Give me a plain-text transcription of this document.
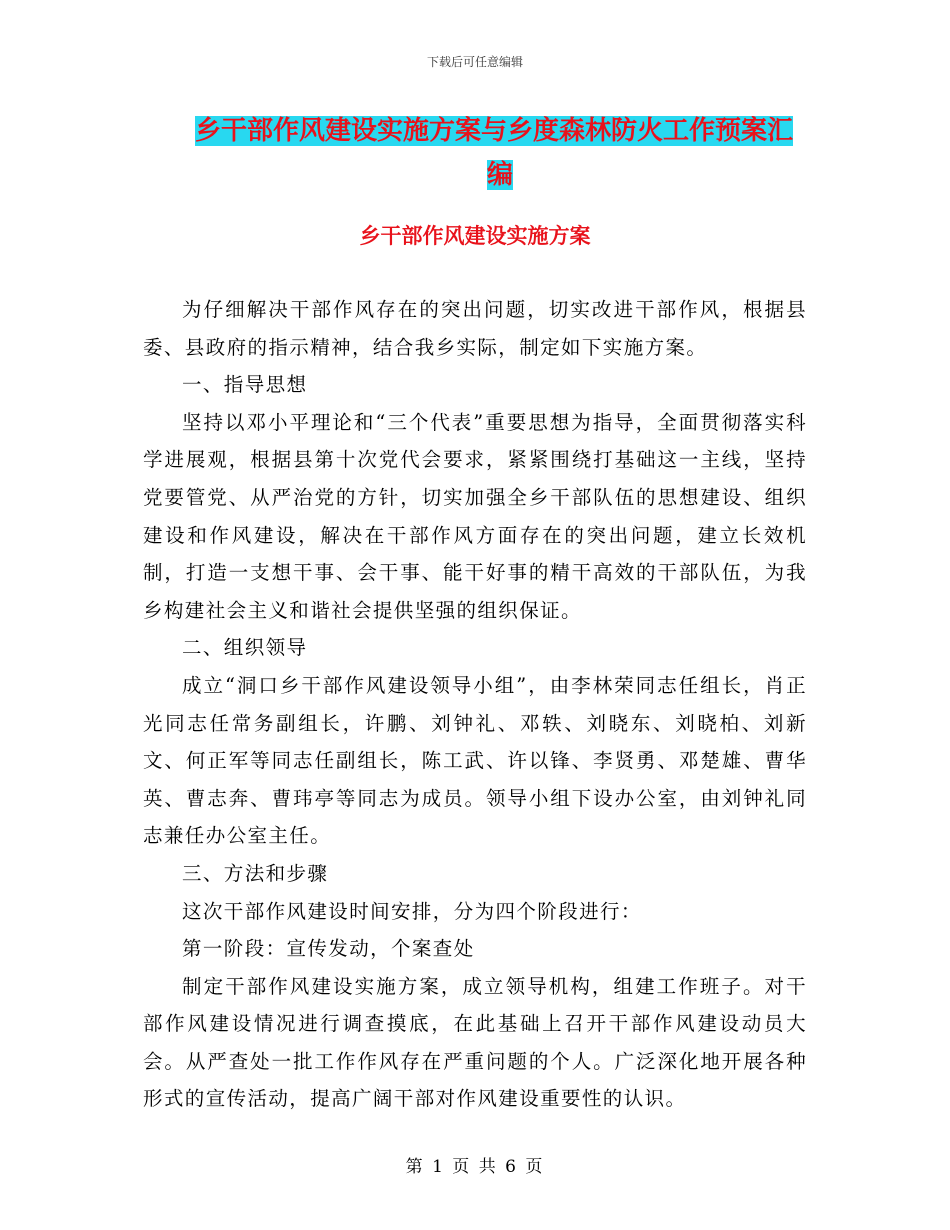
下载后可任意编辑
乡干部作风建设实施方案与乡度森林防火工作预案汇
编
乡干部作风建设实施方案

为仔细解决干部作风存在的突出问题，切实改进干部作风，根据县委、县政府的指示精神，结合我乡实际，制定如下实施方案。

一、指导思想

坚持以邓小平理论和“三个代表”重要思想为指导，全面贯彻落实科学进展观，根据县第十次党代会要求，紧紧围绕打基础这一主线，坚持党要管党、从严治党的方针，切实加强全乡干部队伍的思想建设、组织建设和作风建设，解决在干部作风方面存在的突出问题，建立长效机制，打造一支想干事、会干事、能干好事的精干高效的干部队伍，为我乡构建社会主义和谐社会提供坚强的组织保证。

二、组织领导

成立“洞口乡干部作风建设领导小组”，由李林荣同志任组长，肖正光同志任常务副组长，许鹏、刘钟礼、邓轶、刘晓东、刘晓柏、刘新文、何正军等同志任副组长，陈工武、许以锋、李贤勇、邓楚雄、曹华英、曹志奔、曹玮亭等同志为成员。领导小组下设办公室，由刘钟礼同志兼任办公室主任。

三、方法和步骤

这次干部作风建设时间安排，分为四个阶段进行：

第一阶段：宣传发动，个案查处

制定干部作风建设实施方案，成立领导机构，组建工作班子。对干部作风建设情况进行调查摸底，在此基础上召开干部作风建设动员大会。从严查处一批工作作风存在严重问题的个人。广泛深化地开展各种形式的宣传活动，提高广阔干部对作风建设重要性的认识。

第 1 页 共 6 页
